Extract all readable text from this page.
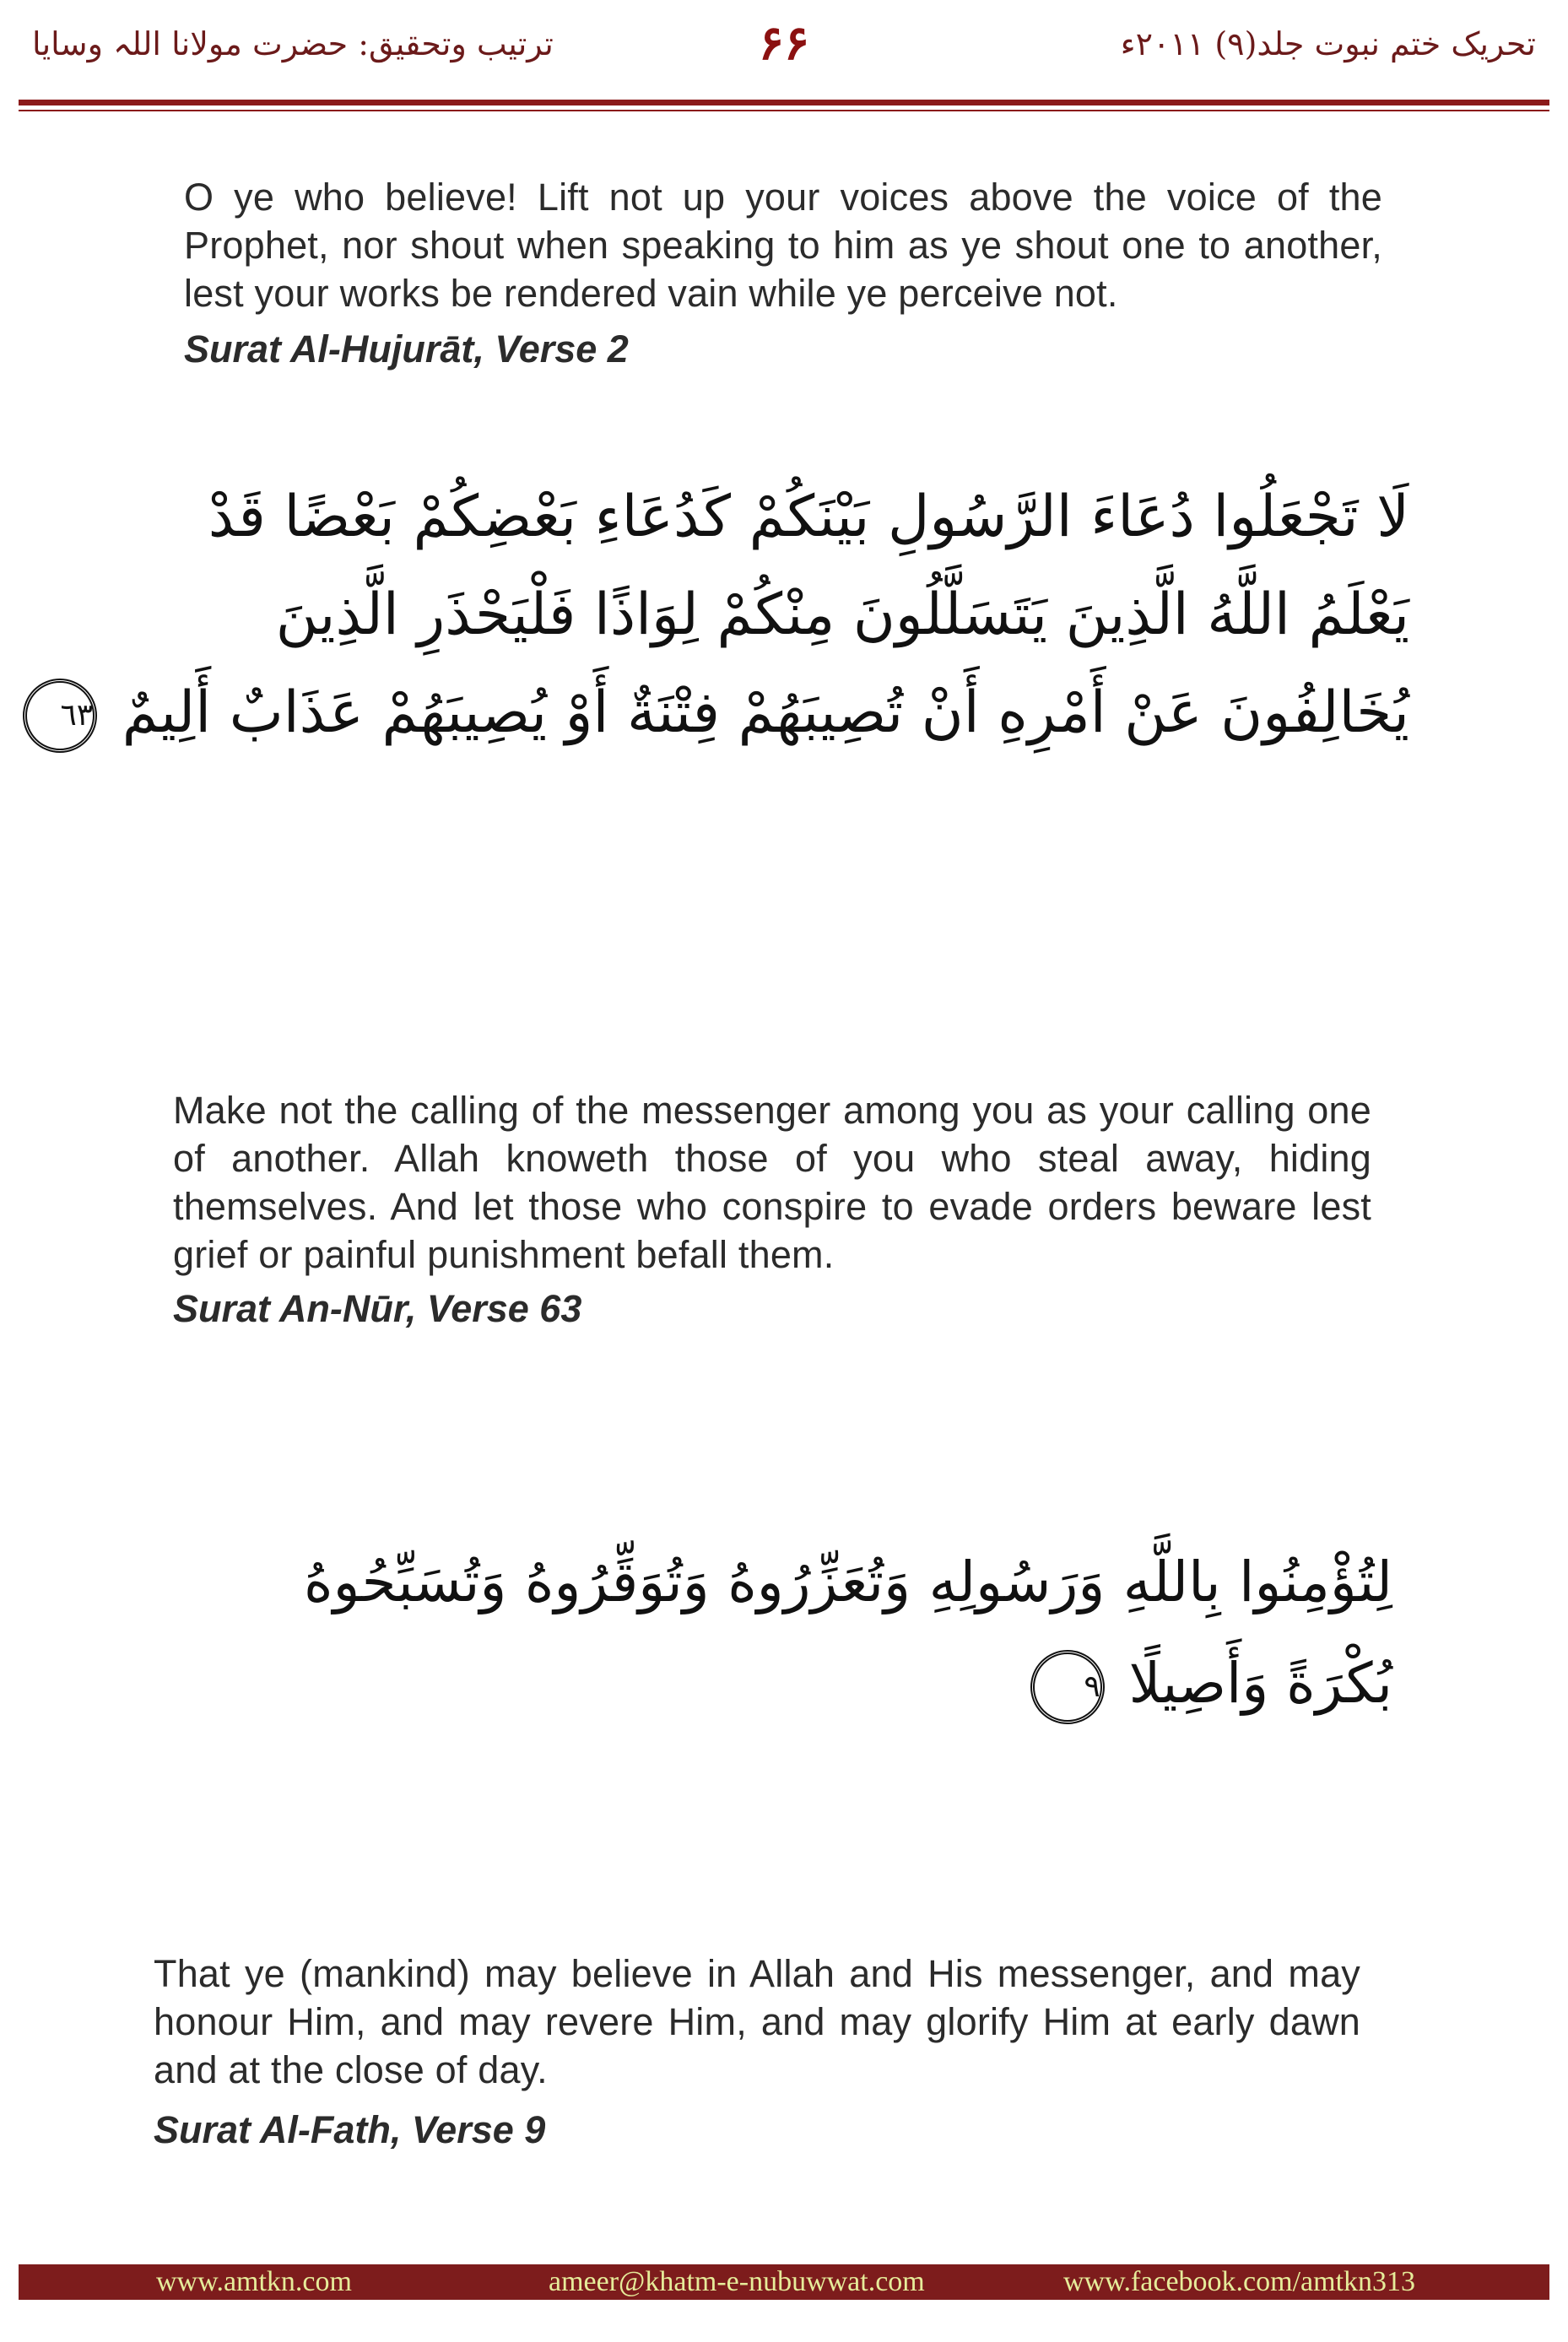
ترتیب وتحقیق: حضرت مولانا اللہ وسایا	۶۶	تحریک ختم نبوت جلد(۹) ۲۰۱۱ء
O ye who believe! Lift not up your voices above the voice of the Prophet, nor shout when speaking to him as ye shout one to another, lest your works be rendered vain while ye perceive not.
Surat Al-Hujurāt, Verse 2
لَا تَجْعَلُوا دُعَاءَ الرَّسُولِ بَيْنَكُمْ كَدُعَاءِ بَعْضِكُمْ بَعْضًا قَدْ
يَعْلَمُ اللَّهُ الَّذِينَ يَتَسَلَّلُونَ مِنْكُمْ لِوَاذًا فَلْيَحْذَرِ الَّذِينَ
يُخَالِفُونَ عَنْ أَمْرِهِ أَنْ تُصِيبَهُمْ فِتْنَةٌ أَوْ يُصِيبَهُمْ عَذَابٌ أَلِيمٌ ٦٣
Make not the calling of the messenger among you as your calling one of another. Allah knoweth those of you who steal away, hiding themselves. And let those who conspire to evade orders beware lest grief or painful punishment befall them.
Surat An-Nūr, Verse 63
لِتُؤْمِنُوا بِاللَّهِ وَرَسُولِهِ وَتُعَزِّرُوهُ وَتُوَقِّرُوهُ وَتُسَبِّحُوهُ
بُكْرَةً وَأَصِيلًا ٩
That ye (mankind) may believe in Allah and His messenger, and may honour Him, and may revere Him, and may glorify Him at early dawn and at the close of day.
Surat Al-Fath, Verse 9
www.amtkn.com	ameer@khatm-e-nubuwwat.com	www.facebook.com/amtkn313
